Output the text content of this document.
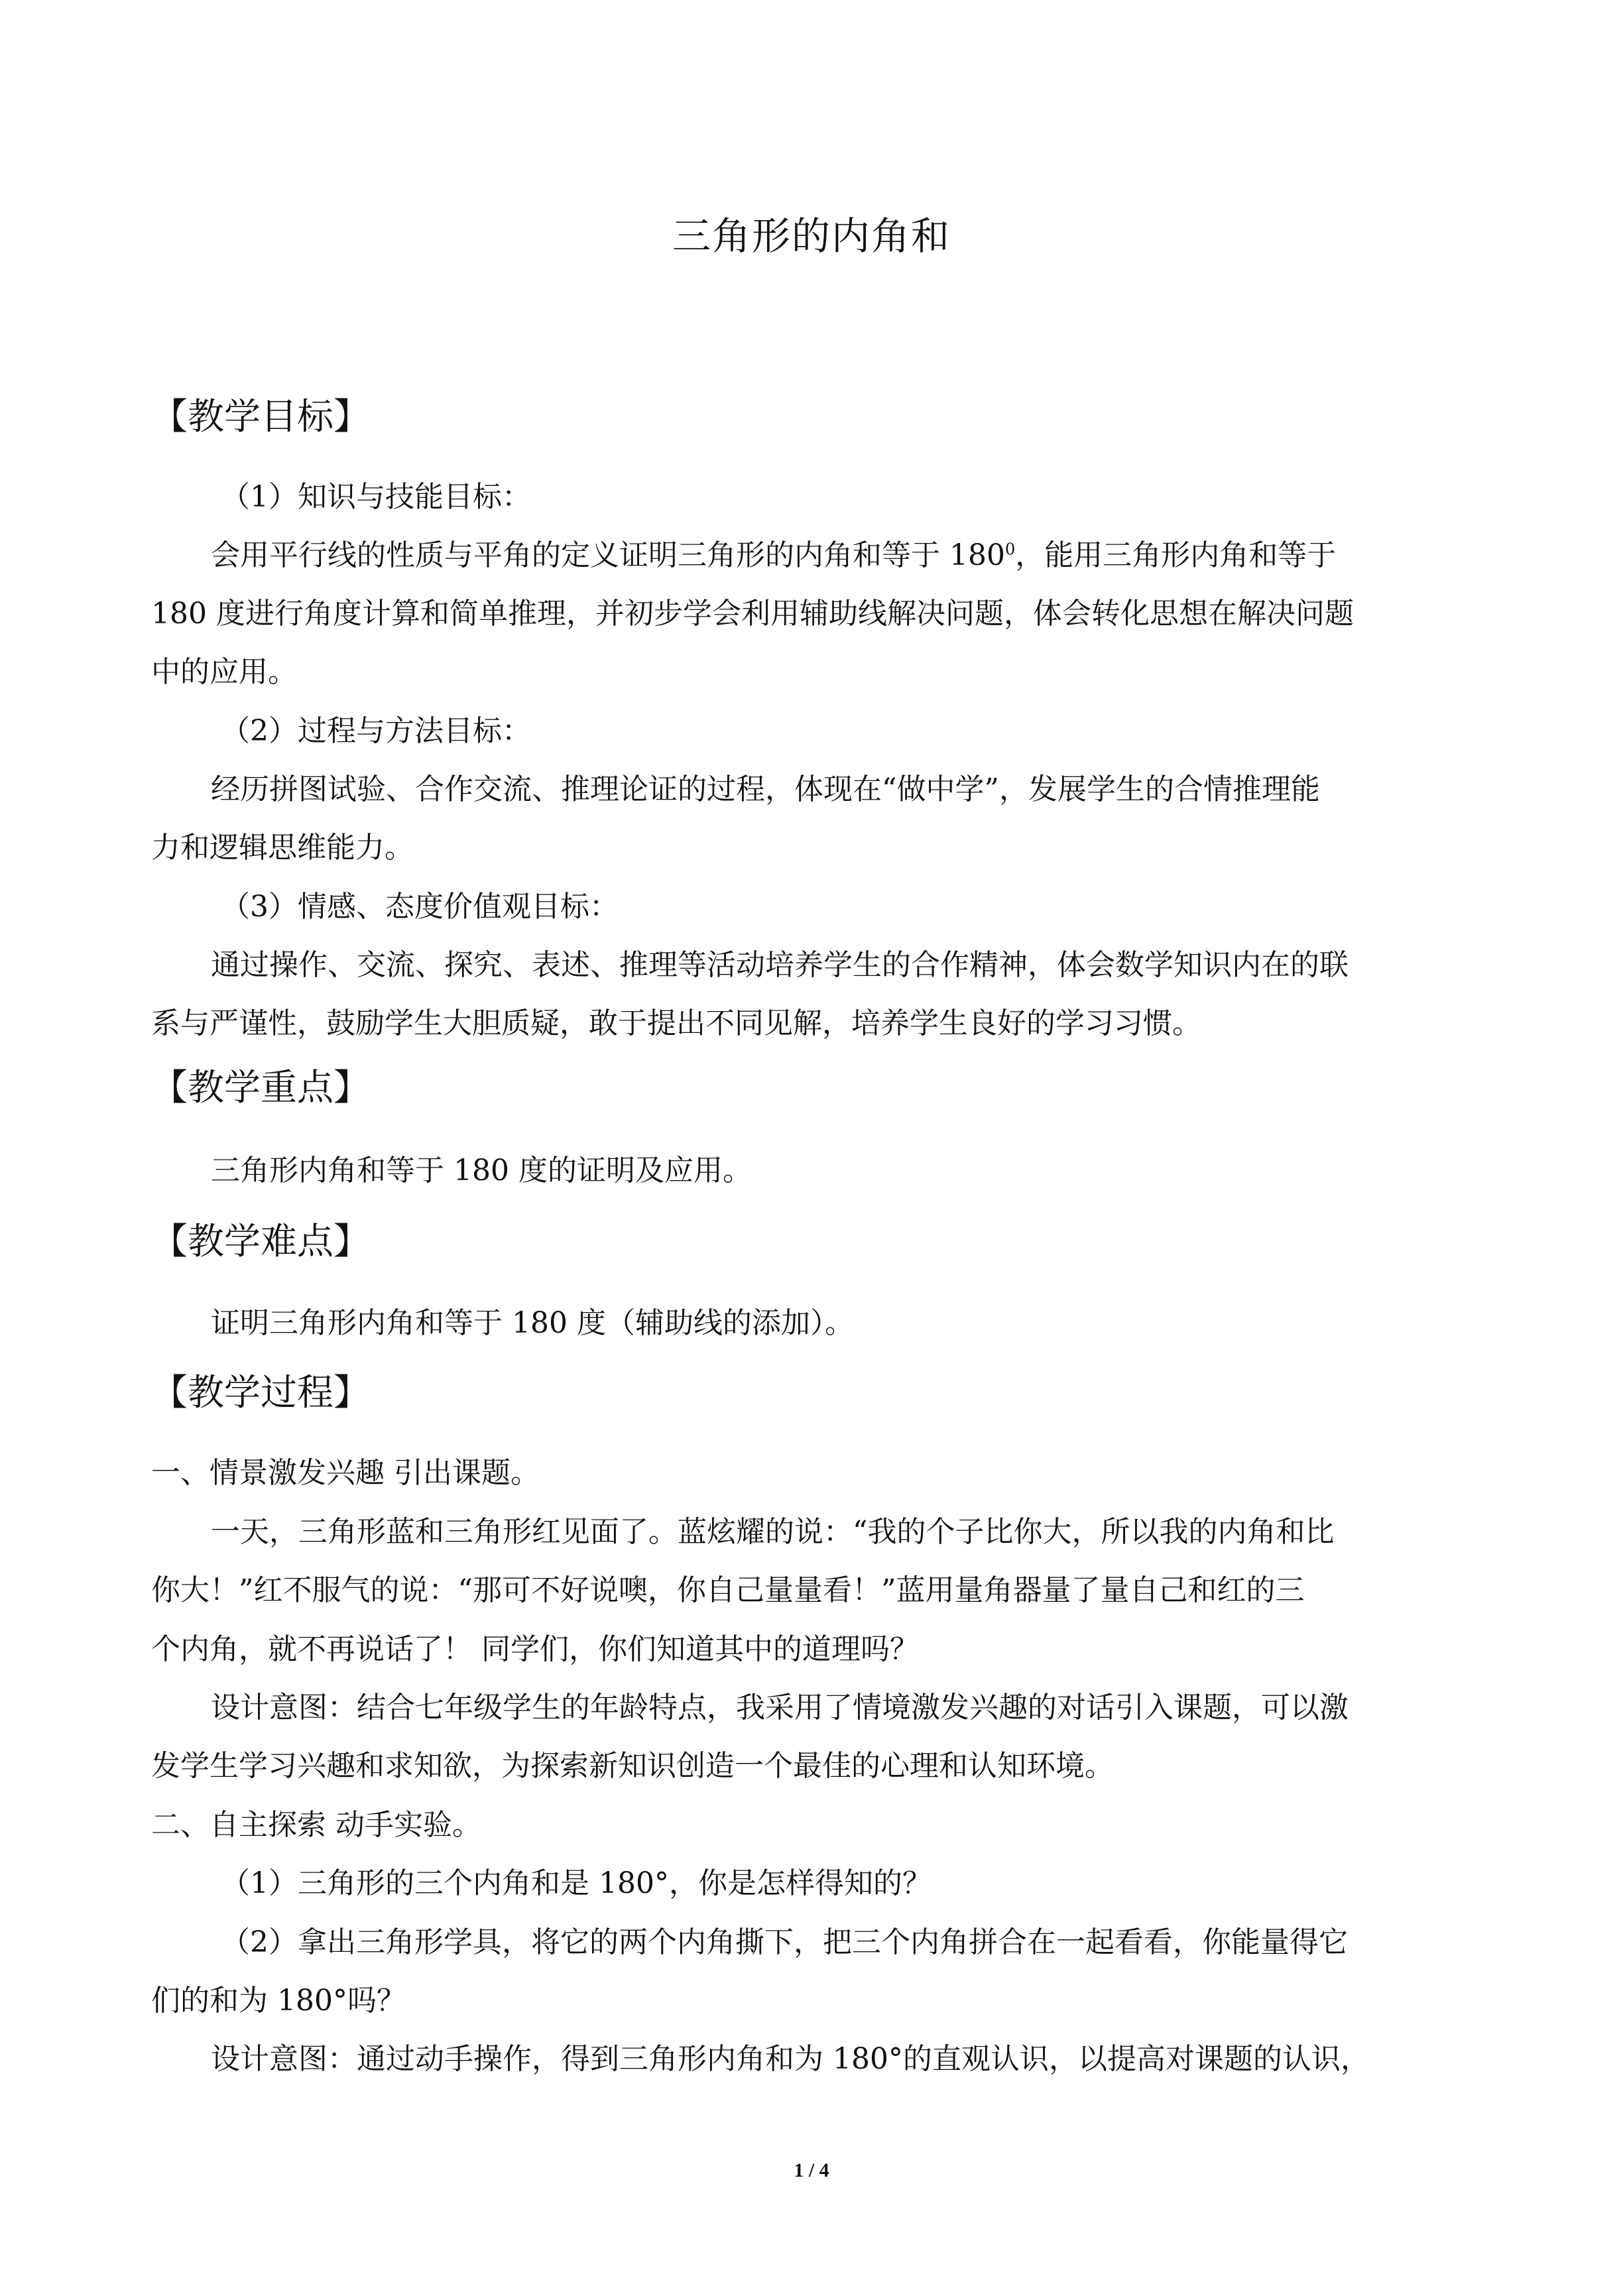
三角形的内角和
【教学目标】
（1）知识与技能目标：
会用平行线的性质与平角的定义证明三角形的内角和等于 $180^0$，能用三角形内角和等于
180 度进行角度计算和简单推理，并初步学会利用辅助线解决问题，体会转化思想在解决问题
中的应用。
（2）过程与方法目标：
经历拼图试验、合作交流、推理论证的过程，体现在“做中学”，发展学生的合情推理能
力和逻辑思维能力。
（3）情感、态度价值观目标：
通过操作、交流、探究、表述、推理等活动培养学生的合作精神，体会数学知识内在的联
系与严谨性，鼓励学生大胆质疑，敢于提出不同见解，培养学生良好的学习习惯。
【教学重点】
三角形内角和等于 180 度的证明及应用。
【教学难点】
证明三角形内角和等于 180 度（辅助线的添加）。
【教学过程】
一、情景激发兴趣 引出课题。
一天，三角形蓝和三角形红见面了。蓝炫耀的说：“我的个子比你大，所以我的内角和比
你大！”红不服气的说：“那可不好说噢，你自己量量看！”蓝用量角器量了量自己和红的三
个内角，就不再说话了！ 同学们，你们知道其中的道理吗？
设计意图：结合七年级学生的年龄特点，我采用了情境激发兴趣的对话引入课题，可以激
发学生学习兴趣和求知欲，为探索新知识创造一个最佳的心理和认知环境。
二、自主探索 动手实验。
（1）三角形的三个内角和是 180°，你是怎样得知的？
（2）拿出三角形学具，将它的两个内角撕下，把三个内角拼合在一起看看，你能量得它
们的和为 180°吗？
设计意图：通过动手操作，得到三角形内角和为 180°的直观认识，以提高对课题的认识，
1 / 4
